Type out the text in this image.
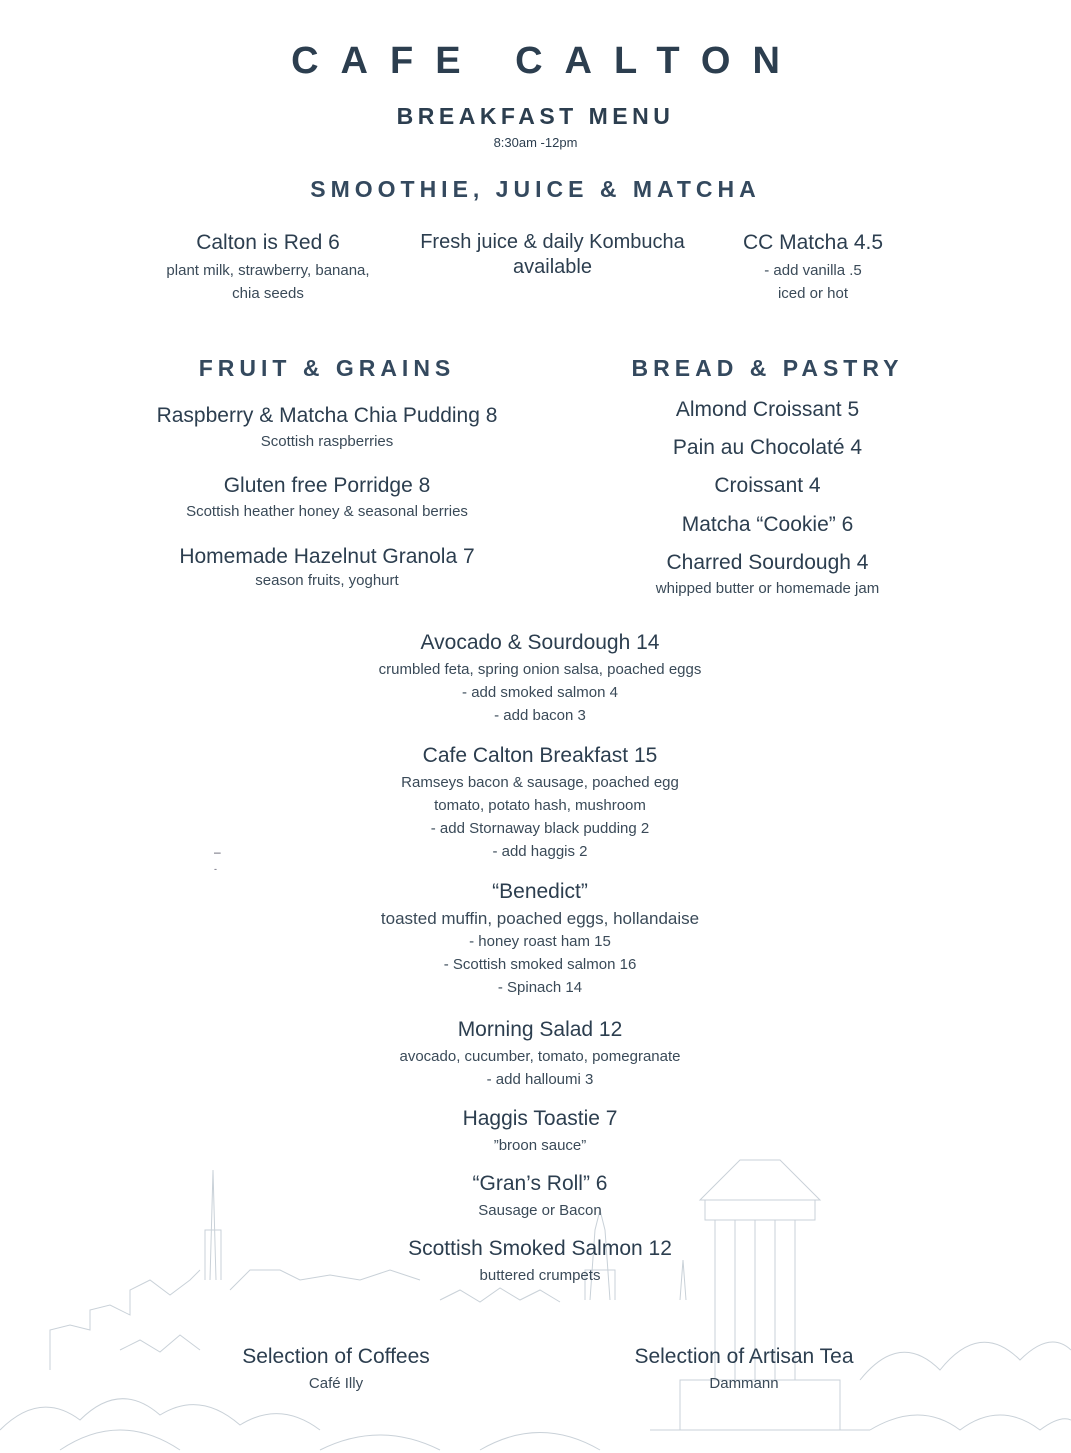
CAFE CALTON
BREAKFAST MENU
8:30am -12pm
SMOOTHIE, JUICE & MATCHA
Calton is Red 6
plant milk, strawberry, banana,
chia seeds
Fresh juice & daily Kombucha
available
CC Matcha 4.5
- add vanilla .5
iced or hot
FRUIT & GRAINS
Raspberry & Matcha Chia Pudding 8
Scottish raspberries
Gluten free Porridge 8
Scottish heather honey & seasonal berries
Homemade Hazelnut Granola 7
season fruits, yoghurt
BREAD & PASTRY
Almond Croissant 5
Pain au Chocolaté 4
Croissant 4
Matcha “Cookie” 6
Charred Sourdough 4
whipped butter or homemade jam
Avocado & Sourdough 14
crumbled feta, spring onion salsa, poached eggs
- add smoked salmon 4
- add bacon 3
Cafe Calton Breakfast 15
Ramseys bacon & sausage, poached egg
tomato, potato hash, mushroom
- add Stornaway black pudding 2
- add haggis 2
–
-
“Benedict”
toasted muffin, poached eggs, hollandaise
- honey roast ham 15
- Scottish smoked salmon 16
- Spinach 14
Morning Salad 12
avocado, cucumber, tomato, pomegranate
- add halloumi 3
Haggis Toastie 7
”broon sauce”
“Gran’s Roll” 6
Sausage or Bacon
Scottish Smoked Salmon 12
buttered crumpets
Selection of Coffees
Café Illy
Selection of Artisan Tea
Dammann
